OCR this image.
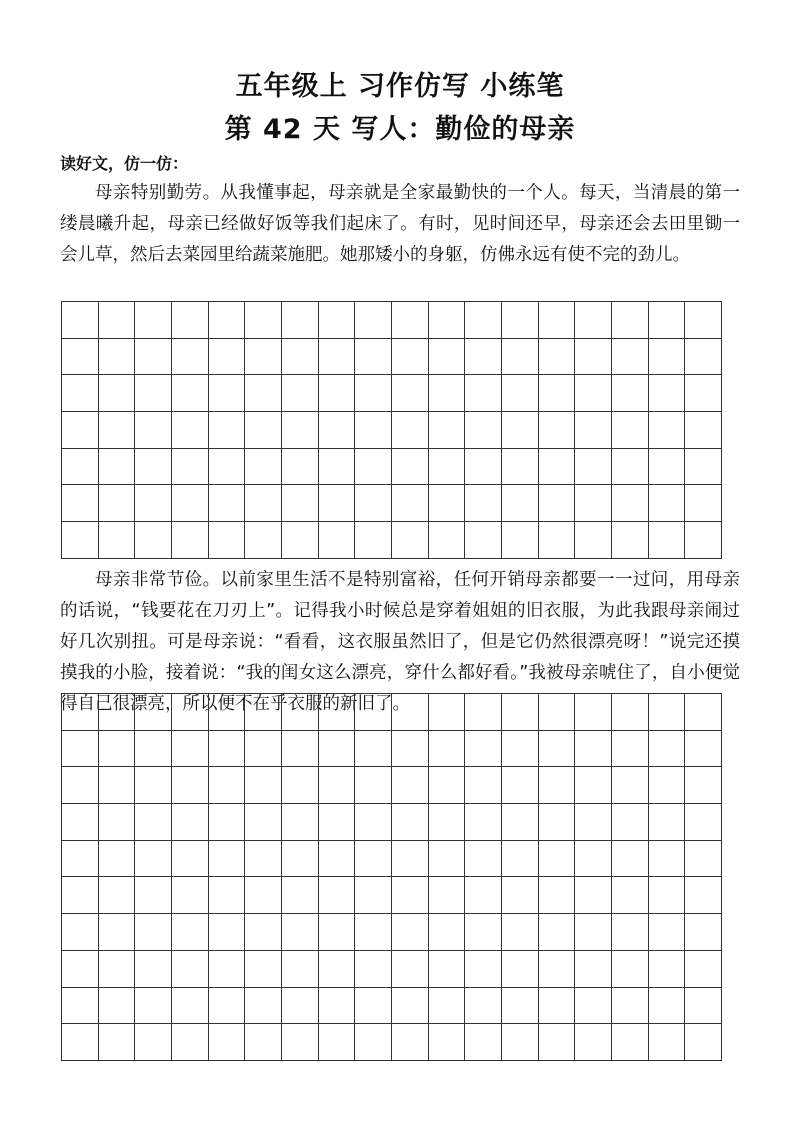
五年级上 习作仿写 小练笔
第 42 天 写人：勤俭的母亲

读好文，仿一仿：

母亲特别勤劳。从我懂事起，母亲就是全家最勤快的一个人。每天，当清晨的第一缕晨曦升起，母亲已经做好饭等我们起床了。有时，见时间还早，母亲还会去田里锄一会儿草，然后去菜园里给蔬菜施肥。她那矮小的身躯，仿佛永远有使不完的劲儿。

母亲非常节俭。以前家里生活不是特别富裕，任何开销母亲都要一一过问，用母亲的话说，“钱要花在刀刃上”。记得我小时候总是穿着姐姐的旧衣服，为此我跟母亲闹过好几次别扭。可是母亲说：“看看，这衣服虽然旧了，但是它仍然很漂亮呀！”说完还摸摸我的小脸，接着说：“我的闺女这么漂亮，穿什么都好看。”我被母亲唬住了，自小便觉得自己很漂亮，所以便不在乎衣服的新旧了。
